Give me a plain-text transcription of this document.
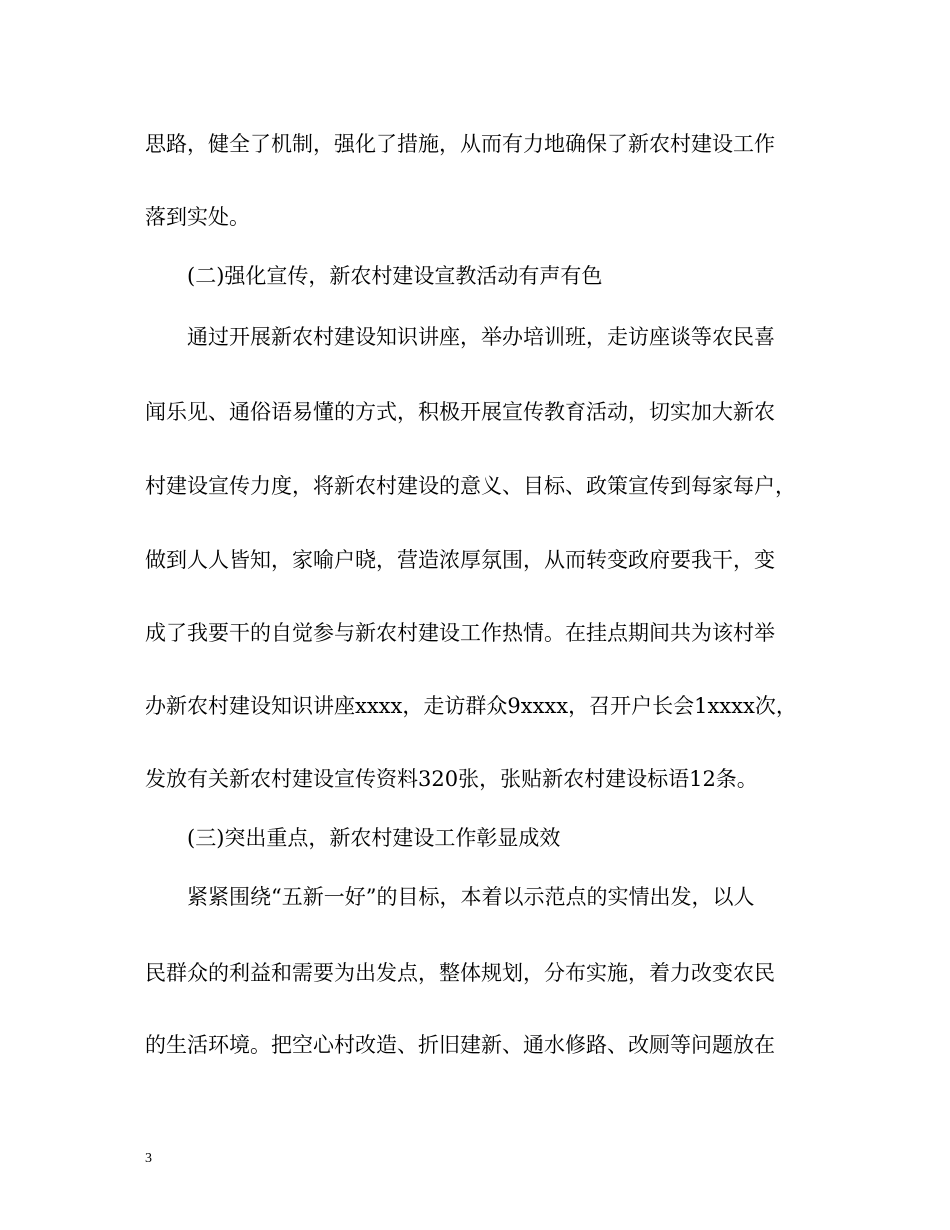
思路，健全了机制，强化了措施，从而有力地确保了新农村建设工作
落到实处。
(二)强化宣传，新农村建设宣教活动有声有色
通过开展新农村建设知识讲座，举办培训班，走访座谈等农民喜
闻乐见、通俗语易懂的方式，积极开展宣传教育活动，切实加大新农
村建设宣传力度，将新农村建设的意义、目标、政策宣传到每家每户，
做到人人皆知，家喻户晓，营造浓厚氛围，从而转变政府要我干，变
成了我要干的自觉参与新农村建设工作热情。在挂点期间共为该村举
办新农村建设知识讲座xxxx，走访群众9xxxx，召开户长会1xxxx次，
发放有关新农村建设宣传资料320张，张贴新农村建设标语12条。
(三)突出重点，新农村建设工作彰显成效
紧紧围绕“五新一好”的目标，本着以示范点的实情出发，以人
民群众的利益和需要为出发点，整体规划，分布实施，着力改变农民
的生活环境。把空心村改造、折旧建新、通水修路、改厕等问题放在
3
